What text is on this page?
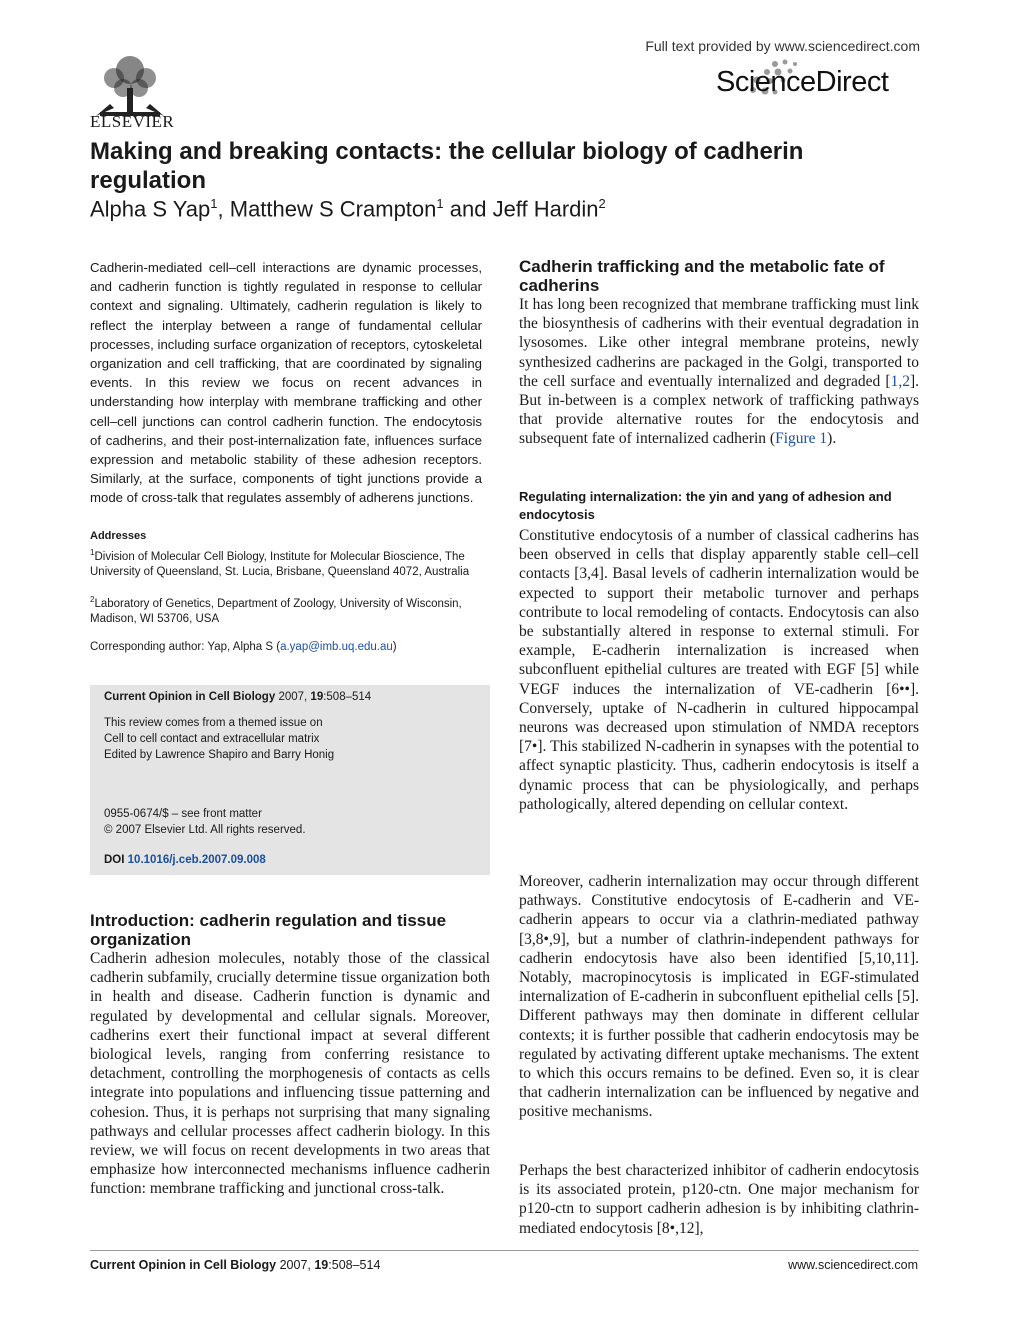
ELSEVIER
Full text provided by www.sciencedirect.com
ScienceDirect
Making and breaking contacts: the cellular biology of cadherin regulation
Alpha S Yap$^1$, Matthew S Crampton$^1$ and Jeff Hardin$^2$
Cadherin-mediated cell–cell interactions are dynamic processes, and cadherin function is tightly regulated in response to cellular context and signaling. Ultimately, cadherin regulation is likely to reflect the interplay between a range of fundamental cellular processes, including surface organization of receptors, cytoskeletal organization and cell trafficking, that are coordinated by signaling events. In this review we focus on recent advances in understanding how interplay with membrane trafficking and other cell–cell junctions can control cadherin function. The endocytosis of cadherins, and their post-internalization fate, influences surface expression and metabolic stability of these adhesion receptors. Similarly, at the surface, components of tight junctions provide a mode of cross-talk that regulates assembly of adherens junctions.
Addresses
$^1$Division of Molecular Cell Biology, Institute for Molecular Bioscience, The University of Queensland, St. Lucia, Brisbane, Queensland 4072, Australia
$^2$Laboratory of Genetics, Department of Zoology, University of Wisconsin, Madison, WI 53706, USA
Corresponding author: Yap, Alpha S (a.yap@imb.uq.edu.au)
Current Opinion in Cell Biology 2007, 19:508–514
This review comes from a themed issue on
Cell to cell contact and extracellular matrix
Edited by Lawrence Shapiro and Barry Honig
0955-0674/$ – see front matter
© 2007 Elsevier Ltd. All rights reserved.
DOI 10.1016/j.ceb.2007.09.008
Introduction: cadherin regulation and tissue organization
Cadherin adhesion molecules, notably those of the classical cadherin subfamily, crucially determine tissue organization both in health and disease. Cadherin function is dynamic and regulated by developmental and cellular signals. Moreover, cadherins exert their functional impact at several different biological levels, ranging from conferring resistance to detachment, controlling the morphogenesis of contacts as cells integrate into populations and influencing tissue patterning and cohesion. Thus, it is perhaps not surprising that many signaling pathways and cellular processes affect cadherin biology. In this review, we will focus on recent developments in two areas that emphasize how interconnected mechanisms influence cadherin function: membrane trafficking and junctional cross-talk.
Cadherin trafficking and the metabolic fate of cadherins
It has long been recognized that membrane trafficking must link the biosynthesis of cadherins with their eventual degradation in lysosomes. Like other integral membrane proteins, newly synthesized cadherins are packaged in the Golgi, transported to the cell surface and eventually internalized and degraded [1,2]. But in-between is a complex network of trafficking pathways that provide alternative routes for the endocytosis and subsequent fate of internalized cadherin (Figure 1).
Regulating internalization: the yin and yang of adhesion and endocytosis
Constitutive endocytosis of a number of classical cadherins has been observed in cells that display apparently stable cell–cell contacts [3,4]. Basal levels of cadherin internalization would be expected to support their metabolic turnover and perhaps contribute to local remodeling of contacts. Endocytosis can also be substantially altered in response to external stimuli. For example, E-cadherin internalization is increased when subconfluent epithelial cultures are treated with EGF [5] while VEGF induces the internalization of VE-cadherin [6••]. Conversely, uptake of N-cadherin in cultured hippocampal neurons was decreased upon stimulation of NMDA receptors [7•]. This stabilized N-cadherin in synapses with the potential to affect synaptic plasticity. Thus, cadherin endocytosis is itself a dynamic process that can be physiologically, and perhaps pathologically, altered depending on cellular context.
Moreover, cadherin internalization may occur through different pathways. Constitutive endocytosis of E-cadherin and VE-cadherin appears to occur via a clathrin-mediated pathway [3,8•,9], but a number of clathrin-independent pathways for cadherin endocytosis have also been identified [5,10,11]. Notably, macropinocytosis is implicated in EGF-stimulated internalization of E-cadherin in subconfluent epithelial cells [5]. Different pathways may then dominate in different cellular contexts; it is further possible that cadherin endocytosis may be regulated by activating different uptake mechanisms. The extent to which this occurs remains to be defined. Even so, it is clear that cadherin internalization can be influenced by negative and positive mechanisms.
Perhaps the best characterized inhibitor of cadherin endocytosis is its associated protein, p120-ctn. One major mechanism for p120-ctn to support cadherin adhesion is by inhibiting clathrin-mediated endocytosis [8•,12],
Current Opinion in Cell Biology 2007, 19:508–514	www.sciencedirect.com
